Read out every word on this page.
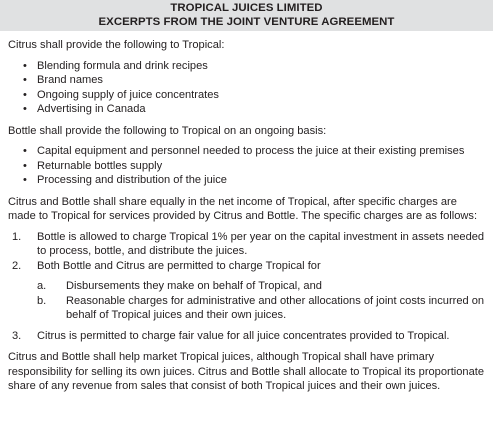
TROPICAL JUICES LIMITED
EXCERPTS FROM THE JOINT VENTURE AGREEMENT

Citrus shall provide the following to Tropical:

• Blending formula and drink recipes
• Brand names
• Ongoing supply of juice concentrates
• Advertising in Canada

Bottle shall provide the following to Tropical on an ongoing basis:

• Capital equipment and personnel needed to process the juice at their existing premises
• Returnable bottles supply
• Processing and distribution of the juice

Citrus and Bottle shall share equally in the net income of Tropical, after specific charges are made to Tropical for services provided by Citrus and Bottle. The specific charges are as follows:

1. Bottle is allowed to charge Tropical 1% per year on the capital investment in assets needed to process, bottle, and distribute the juices.
2. Both Bottle and Citrus are permitted to charge Tropical for
a. Disbursements they make on behalf of Tropical, and
b. Reasonable charges for administrative and other allocations of joint costs incurred on behalf of Tropical juices and their own juices.
3. Citrus is permitted to charge fair value for all juice concentrates provided to Tropical.

Citrus and Bottle shall help market Tropical juices, although Tropical shall have primary responsibility for selling its own juices. Citrus and Bottle shall allocate to Tropical its proportionate share of any revenue from sales that consist of both Tropical juices and their own juices.
